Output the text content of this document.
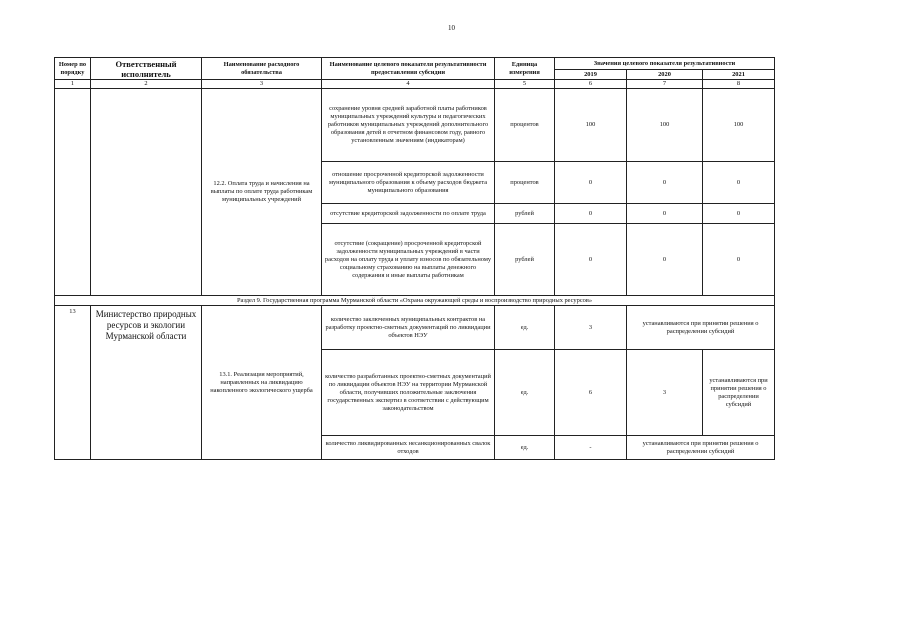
10
Номер по порядку	Ответственный исполнитель	Наименование расходного обязательства	Наименование целевого показателя результативности предоставления субсидии	Единица измерения	Значения целевого показателя результативности		
					2019	2020	2021
1	2	3	4	5	6	7	8
		12.2. Оплата труда и начисления на выплаты по оплате труда работникам муниципальных учреждений	сохранение уровня средней заработной платы работников муниципальных учреждений культуры и педагогических работников муниципальных учреждений дополнительного образования детей в отчетном финансовом году, равного установленным значениям (индикаторам)	процентов	100	100	100
			отношение просроченной кредиторской задолженности муниципального образования к объему расходов бюджета муниципального образования	процентов	0	0	0
			отсутствие кредиторской задолженности по оплате труда	рублей	0	0	0
			отсутствие (сокращение) просроченной кредиторской задолженности муниципальных учреждений в части расходов на оплату труда и уплату взносов по обязательному социальному страхованию на выплаты денежного содержания и иные выплаты работникам	рублей	0	0	0
Раздел 9. Государственная программа Мурманской области «Охрана окружающей среды и воспроизводство природных ресурсов»							
13	Министерство природных ресурсов и экологии Мурманской области	13.1. Реализация мероприятий, направленных на ликвидацию накопленного экологического ущерба	количество заключенных муниципальных контрактов на разработку проектно-сметных документаций по ликвидации объектов НЭУ	ед.	3	устанавливаются при принятии решения о распределении субсидий	
			количество разработанных проектно-сметных документаций по ликвидации объектов НЭУ на территории Мурманской области, получивших положительные заключения государственных экспертиз в соответствии с действующим законодательством	ед.	6	3	устанавливаются при принятии решения о распределении субсидий
			количество ликвидированных несанкционированных свалок отходов	ед.	-	устанавливаются при принятии решения о распределении субсидий	
